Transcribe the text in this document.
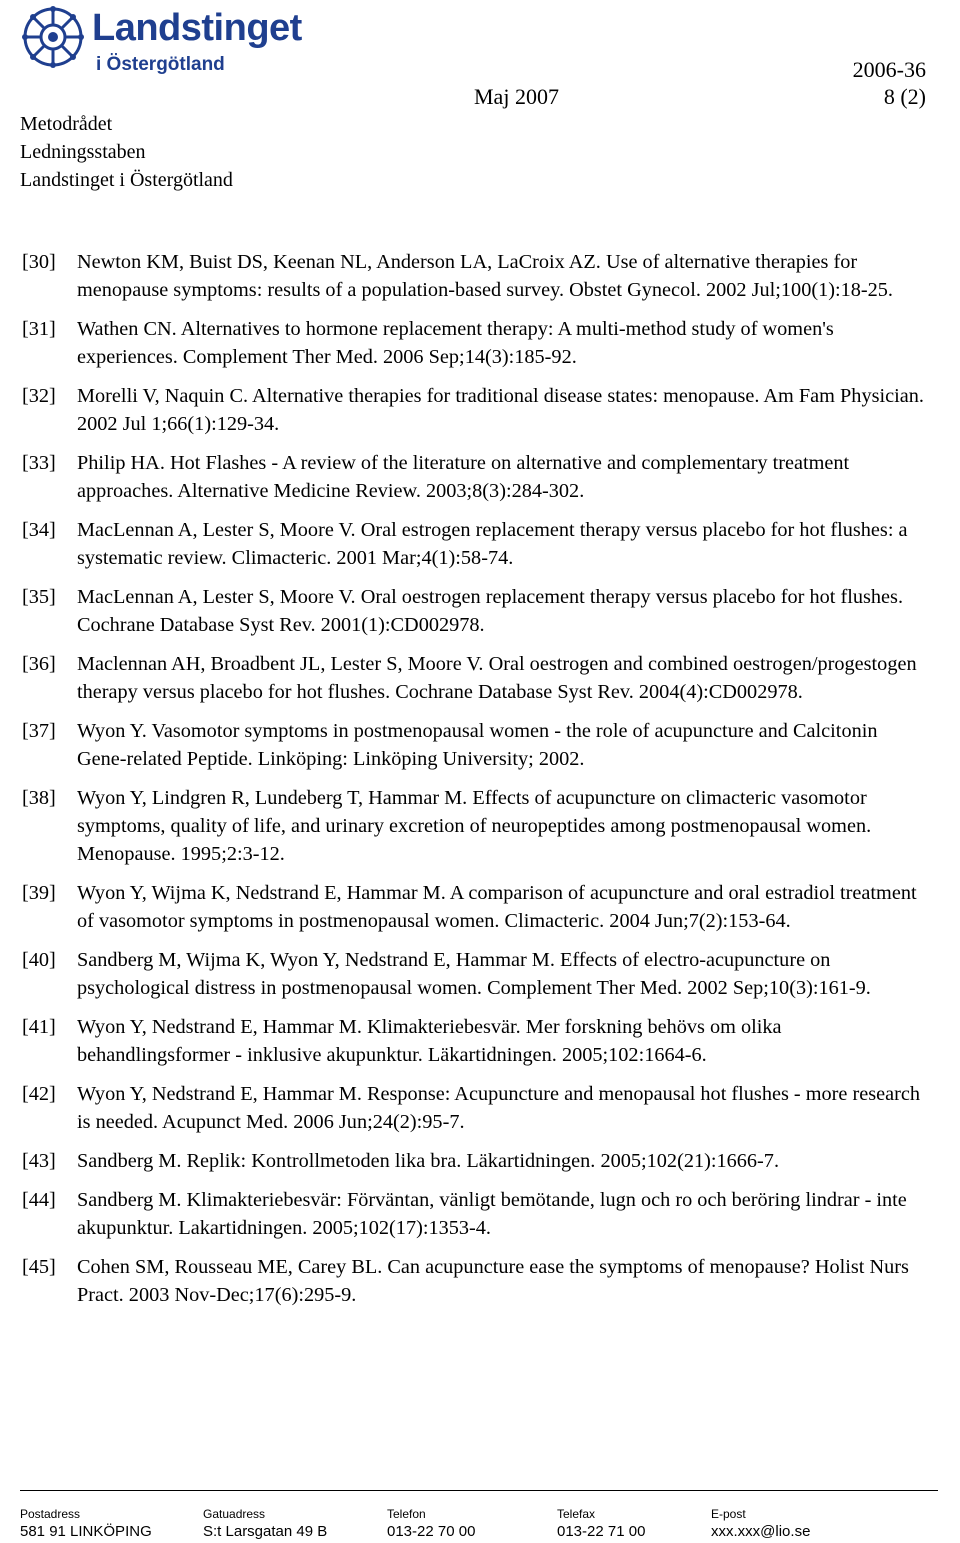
Landstinget
i Östergötland	2006-36
Maj 2007	8 (2)
Metodrådet
Ledningsstaben
Landstinget i Östergötland
[30]	Newton KM, Buist DS, Keenan NL, Anderson LA, LaCroix AZ. Use of alternative therapies for menopause symptoms: results of a population-based survey. Obstet Gynecol. 2002 Jul;100(1):18-25.
[31]	Wathen CN. Alternatives to hormone replacement therapy: A multi-method study of women's experiences. Complement Ther Med. 2006 Sep;14(3):185-92.
[32]	Morelli V, Naquin C. Alternative therapies for traditional disease states: menopause. Am Fam Physician. 2002 Jul 1;66(1):129-34.
[33]	Philip HA. Hot Flashes - A review of the literature on alternative and complementary treatment approaches. Alternative Medicine Review. 2003;8(3):284-302.
[34]	MacLennan A, Lester S, Moore V. Oral estrogen replacement therapy versus placebo for hot flushes: a systematic review. Climacteric. 2001 Mar;4(1):58-74.
[35]	MacLennan A, Lester S, Moore V. Oral oestrogen replacement therapy versus placebo for hot flushes. Cochrane Database Syst Rev. 2001(1):CD002978.
[36]	Maclennan AH, Broadbent JL, Lester S, Moore V. Oral oestrogen and combined oestrogen/progestogen therapy versus placebo for hot flushes. Cochrane Database Syst Rev. 2004(4):CD002978.
[37]	Wyon Y. Vasomotor symptoms in postmenopausal women - the role of acupuncture and Calcitonin Gene-related Peptide. Linköping: Linköping University; 2002.
[38]	Wyon Y, Lindgren R, Lundeberg T, Hammar M. Effects of acupuncture on climacteric vasomotor symptoms, quality of life, and urinary excretion of neuropeptides among postmenopausal women. Menopause. 1995;2:3-12.
[39]	Wyon Y, Wijma K, Nedstrand E, Hammar M. A comparison of acupuncture and oral estradiol treatment of vasomotor symptoms in postmenopausal women. Climacteric. 2004 Jun;7(2):153-64.
[40]	Sandberg M, Wijma K, Wyon Y, Nedstrand E, Hammar M. Effects of electro-acupuncture on psychological distress in postmenopausal women. Complement Ther Med. 2002 Sep;10(3):161-9.
[41]	Wyon Y, Nedstrand E, Hammar M. Klimakteriebesvär. Mer forskning behövs om olika behandlingsformer - inklusive akupunktur. Läkartidningen. 2005;102:1664-6.
[42]	Wyon Y, Nedstrand E, Hammar M. Response: Acupuncture and menopausal hot flushes - more research is needed. Acupunct Med. 2006 Jun;24(2):95-7.
[43]	Sandberg M. Replik: Kontrollmetoden lika bra. Läkartidningen. 2005;102(21):1666-7.
[44]	Sandberg M. Klimakteriebesvär: Förväntan, vänligt bemötande, lugn och ro och beröring lindrar - inte akupunktur. Lakartidningen. 2005;102(17):1353-4.
[45]	Cohen SM, Rousseau ME, Carey BL. Can acupuncture ease the symptoms of menopause? Holist Nurs Pract. 2003 Nov-Dec;17(6):295-9.
Postadress
581 91 LINKÖPING
Gatuadress
S:t Larsgatan 49 B
Telefon
013-22 70 00
Telefax
013-22 71 00
E-post
xxx.xxx@lio.se
